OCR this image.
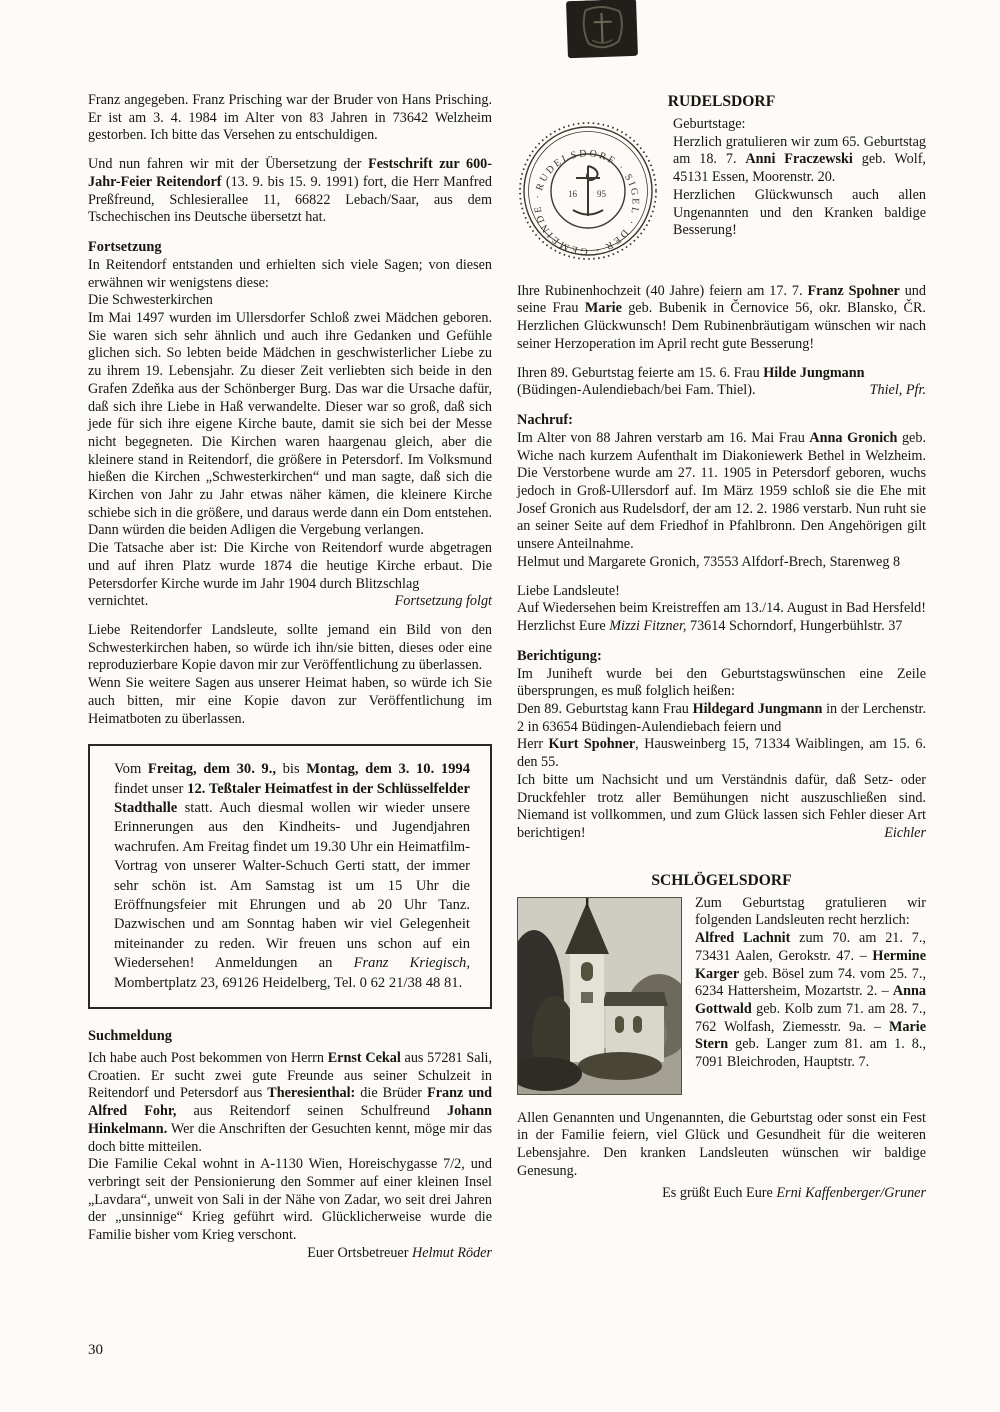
Franz angegeben. Franz Prisching war der Bruder von Hans Prisching. Er ist am 3. 4. 1984 im Alter von 83 Jahren in 73642 Welzheim gestorben. Ich bitte das Versehen zu entschuldigen.

Und nun fahren wir mit der Übersetzung der Festschrift zur 600-Jahr-Feier Reitendorf (13. 9. bis 15. 9. 1991) fort, die Herr Manfred Preßfreund, Schlesierallee 11, 66822 Lebach/Saar, aus dem Tschechischen ins Deutsche übersetzt hat.

Fortsetzung

In Reitendorf entstanden und erhielten sich viele Sagen; von diesen erwähnen wir wenigstens diese:

Die Schwesterkirchen

Im Mai 1497 wurden im Ullersdorfer Schloß zwei Mädchen geboren. Sie waren sich sehr ähnlich und auch ihre Gedanken und Gefühle glichen sich. So lebten beide Mädchen in geschwisterlicher Liebe zu zu ihrem 19. Lebensjahr. Zu dieser Zeit verliebten sich beide in den Grafen Zdeňka aus der Schönberger Burg. Das war die Ursache dafür, daß sich ihre Liebe in Haß verwandelte. Dieser war so groß, daß sich jede für sich ihre eigene Kirche baute, damit sie sich bei der Messe nicht begegneten. Die Kirchen waren haargenau gleich, aber die kleinere stand in Reitendorf, die größere in Petersdorf. Im Volksmund hießen die Kirchen „Schwesterkirchen“ und man sagte, daß sich die Kirchen von Jahr zu Jahr etwas näher kämen, die kleinere Kirche schiebe sich in die größere, und daraus werde dann ein Dom entstehen. Dann würden die beiden Adligen die Vergebung verlangen.

Die Tatsache aber ist: Die Kirche von Reitendorf wurde abgetragen und auf ihren Platz wurde 1874 die heutige Kirche erbaut. Die Petersdorfer Kirche wurde im Jahr 1904 durch Blitzschlag

vernichtet.	Fortsetzung folgt

Liebe Reitendorfer Landsleute, sollte jemand ein Bild von den Schwesterkirchen haben, so würde ich ihn/sie bitten, dieses oder eine reproduzierbare Kopie davon mir zur Veröffentlichung zu überlassen.

Wenn Sie weitere Sagen aus unserer Heimat haben, so würde ich Sie auch bitten, mir eine Kopie davon zur Veröffentlichung im Heimatboten zu überlassen.

Vom Freitag, dem 30. 9., bis Montag, dem 3. 10. 1994 findet unser 12. Teßtaler Heimatfest in der Schlüsselfelder Stadthalle statt. Auch diesmal wollen wir wieder unsere Erinnerungen aus den Kindheits- und Jugendjahren wachrufen. Am Freitag findet um 19.30 Uhr ein Heimatfilm-Vortrag von unserer Walter-Schuch Gerti statt, der immer sehr schön ist. Am Samstag ist um 15 Uhr die Eröffnungsfeier mit Ehrungen und ab 20 Uhr Tanz. Dazwischen und am Sonntag haben wir viel Gelegenheit miteinander zu reden. Wir freuen uns schon auf ein Wiedersehen! Anmeldungen an Franz Kriegisch, Mombertplatz 23, 69126 Heidelberg, Tel. 0 62 21/38 48 81.

Suchmeldung

Ich habe auch Post bekommen von Herrn Ernst Cekal aus 57281 Sali, Croatien. Er sucht zwei gute Freunde aus seiner Schulzeit in Reitendorf und Petersdorf aus Theresienthal: die Brüder Franz und Alfred Fohr, aus Reitendorf seinen Schulfreund Johann Hinkelmann. Wer die Anschriften der Gesuchten kennt, möge mir das doch bitte mitteilen.

Die Familie Cekal wohnt in A-1130 Wien, Horeischygasse 7/2, und verbringt seit der Pensionierung den Sommer auf einer kleinen Insel „Lavdara“, unweit von Sali in der Nähe von Zadar, wo seit drei Jahren der „unsinnige“ Krieg geführt wird. Glücklicherweise wurde die Familie bisher vom Krieg verschont.

Euer Ortsbetreuer Helmut Röder

RUDELSDORF
RUDELSDORF · SIGEL · DER · GEMEINDE ·	16 95

Geburtstage:

Herzlich gratulieren wir zum 65. Geburtstag am 18. 7. Anni Fraczewski geb. Wolf, 45131 Essen, Moorenstr. 20.

Herzlichen Glückwunsch auch allen Ungenannten und den Kranken baldige Besserung!

Ihre Rubinenhochzeit (40 Jahre) feiern am 17. 7. Franz Spohner und seine Frau Marie geb. Bubenik in Černovice 56, okr. Blansko, ČR. Herzlichen Glückwunsch! Dem Rubinenbräutigam wünschen wir nach seiner Herzoperation im April recht gute Besserung!

Ihren 89. Geburtstag feierte am 15. 6. Frau Hilde Jungmann

(Büdingen-Aulendiebach/bei Fam. Thiel).	Thiel, Pfr.
Nachruf:

Im Alter von 88 Jahren verstarb am 16. Mai Frau Anna Gronich geb. Wiche nach kurzem Aufenthalt im Diakoniewerk Bethel in Welzheim. Die Verstorbene wurde am 27. 11. 1905 in Petersdorf geboren, wuchs jedoch in Groß-Ullersdorf auf. Im März 1959 schloß sie die Ehe mit Josef Gronich aus Rudelsdorf, der am 12. 2. 1986 verstarb. Nun ruht sie an seiner Seite auf dem Friedhof in Pfahlbronn. Den Angehörigen gilt unsere Anteilnahme.

Helmut und Margarete Gronich, 73553 Alfdorf-Brech, Starenweg 8

Liebe Landsleute!

Auf Wiedersehen beim Kreistreffen am 13./14. August in Bad Hersfeld! Herzlichst Eure Mizzi Fitzner, 73614 Schorndorf, Hungerbühlstr. 37

Berichtigung:

Im Juniheft wurde bei den Geburtstagswünschen eine Zeile übersprungen, es muß folglich heißen:

Den 89. Geburtstag kann Frau Hildegard Jungmann in der Lerchenstr. 2 in 63654 Büdingen-Aulendiebach feiern und

Herr Kurt Spohner, Hausweinberg 15, 71334 Waiblingen, am 15. 6. den 55.

Eichler
Ich bitte um Nachsicht und um Verständnis dafür, daß Setz- oder Druckfehler trotz aller Bemühungen nicht auszuschließen sind. Niemand ist vollkommen, und zum Glück lassen sich Fehler dieser Art berichtigen!

SCHLÖGELSDORF

Zum Geburtstag gratulieren wir folgenden Landsleuten recht herzlich:

Alfred Lachnit zum 70. am 21. 7., 73431 Aalen, Gerokstr. 47. – Hermine Karger geb. Bösel zum 74. vom 25. 7., 6234 Hattersheim, Mozartstr. 2. – Anna Gottwald geb. Kolb zum 71. am 28. 7., 762 Wolfash, Ziemesstr. 9a. – Marie Stern geb. Langer zum 81. am 1. 8., 7091 Bleichroden, Hauptstr. 7.

Allen Genannten und Ungenannten, die Geburtstag oder sonst ein Fest in der Familie feiern, viel Glück und Gesundheit für die weiteren Lebensjahre. Den kranken Landsleuten wünschen wir baldige Genesung.

Es grüßt Euch Eure Erni Kaffenberger/Gruner

30
